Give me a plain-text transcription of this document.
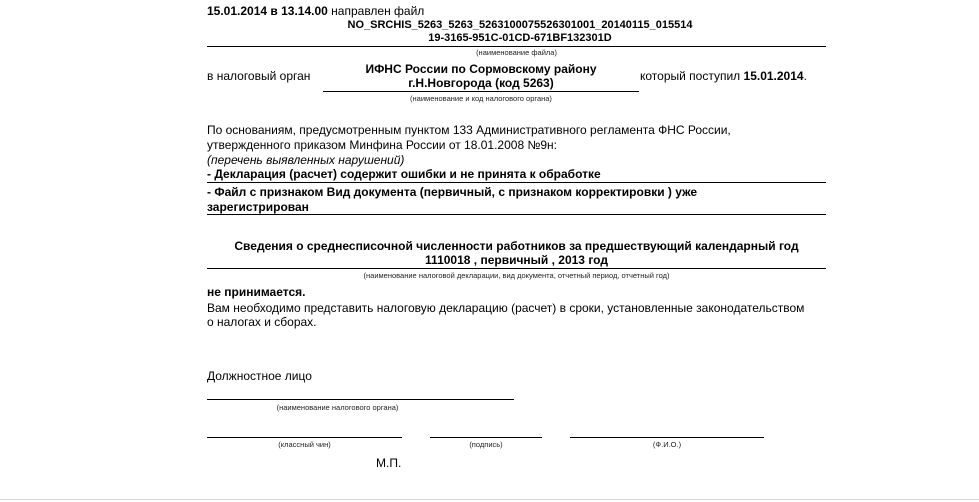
15.01.2014 в 13.14.00 направлен файл
NO_SRCHIS_5263_5263_5263100075526301001_20140115_015514
19-3165-951C-01CD-671BF132301D
(наименование файла)
в налоговый орган	ИФНС России по Сормовскому району
г.Н.Новгорода (код 5263)	который поступил 15.01.2014.
(наименование и код налогового органа)
По основаниям, предусмотренным пунктом 133 Административного регламента ФНС России,
утвержденного приказом Минфина России от 18.01.2008 №9н:
(перечень выявленных нарушений)
- Декларация (расчет) содержит ошибки и не принята к обработке
- Файл с признаком Вид документа (первичный, с признаком корректировки ) уже
зарегистрирован
Сведения о среднесписочной численности работников за предшествующий календарный год
1110018 , первичный , 2013 год
(наименование налоговой декларации, вид документа, отчетный период, отчетный год)
не принимается.
Вам необходимо представить налоговую декларацию (расчет) в сроки, установленные законодательством
о налогах и сборах.
Должностное лицо
(наименование налогового органа)
(классный чин)	(подпись)	(Ф.И.О.)
М.П.
